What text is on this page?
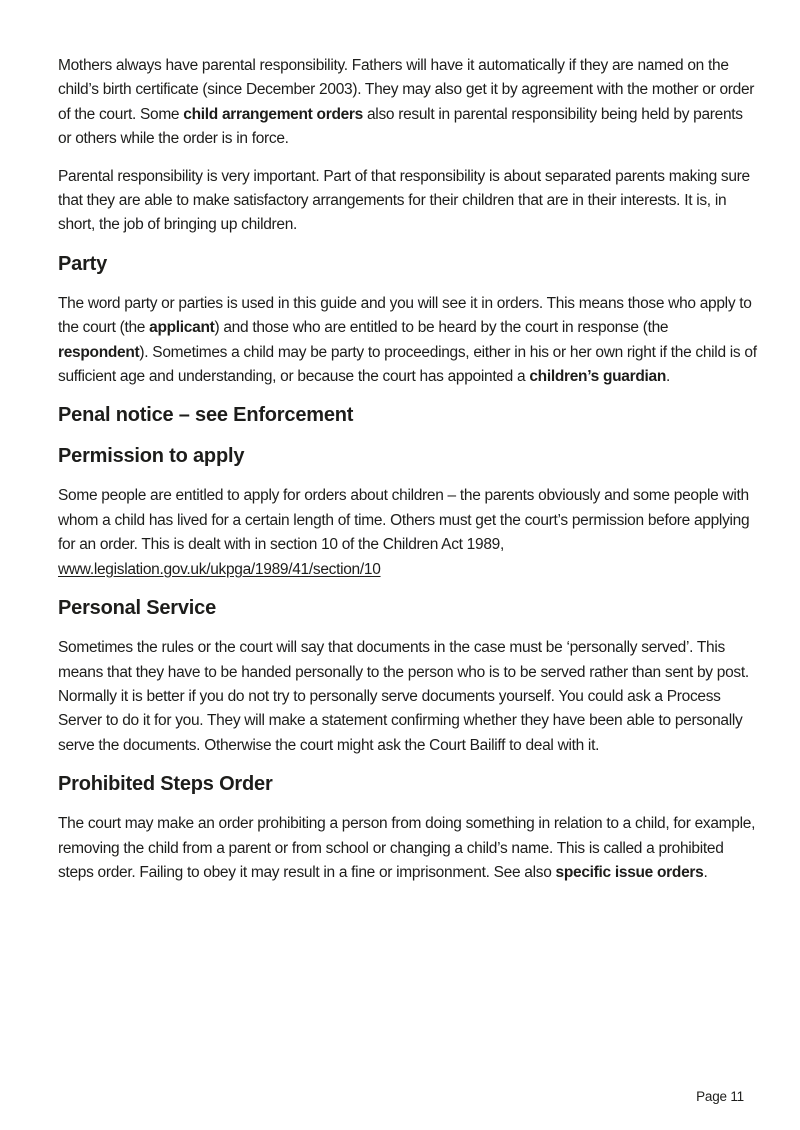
Mothers always have parental responsibility. Fathers will have it automatically if they are named on the child’s birth certificate (since December 2003). They may also get it by agreement with the mother or order of the court. Some child arrangement orders also result in parental responsibility being held by parents or others while the order is in force.

Parental responsibility is very important. Part of that responsibility is about separated parents making sure that they are able to make satisfactory arrangements for their children that are in their interests. It is, in short, the job of bringing up children.

Party

The word party or parties is used in this guide and you will see it in orders. This means those who apply to the court (the applicant) and those who are entitled to be heard by the court in response (the respondent). Sometimes a child may be party to proceedings, either in his or her own right if the child is of sufficient age and understanding, or because the court has appointed a children’s guardian.

Penal notice – see Enforcement
Permission to apply

Some people are entitled to apply for orders about children – the parents obviously and some people with whom a child has lived for a certain length of time. Others must get the court’s permission before applying for an order. This is dealt with in section 10 of the Children Act 1989, www.legislation.gov.uk/ukpga/1989/41/section/10

Personal Service

Sometimes the rules or the court will say that documents in the case must be ‘personally served’. This means that they have to be handed personally to the person who is to be served rather than sent by post. Normally it is better if you do not try to personally serve documents yourself. You could ask a Process Server to do it for you. They will make a statement confirming whether they have been able to personally serve the documents. Otherwise the court might ask the Court Bailiff to deal with it.

Prohibited Steps Order

The court may make an order prohibiting a person from doing something in relation to a child, for example, removing the child from a parent or from school or changing a child’s name. This is called a prohibited steps order. Failing to obey it may result in a fine or imprisonment. See also specific issue orders.

Page 11
